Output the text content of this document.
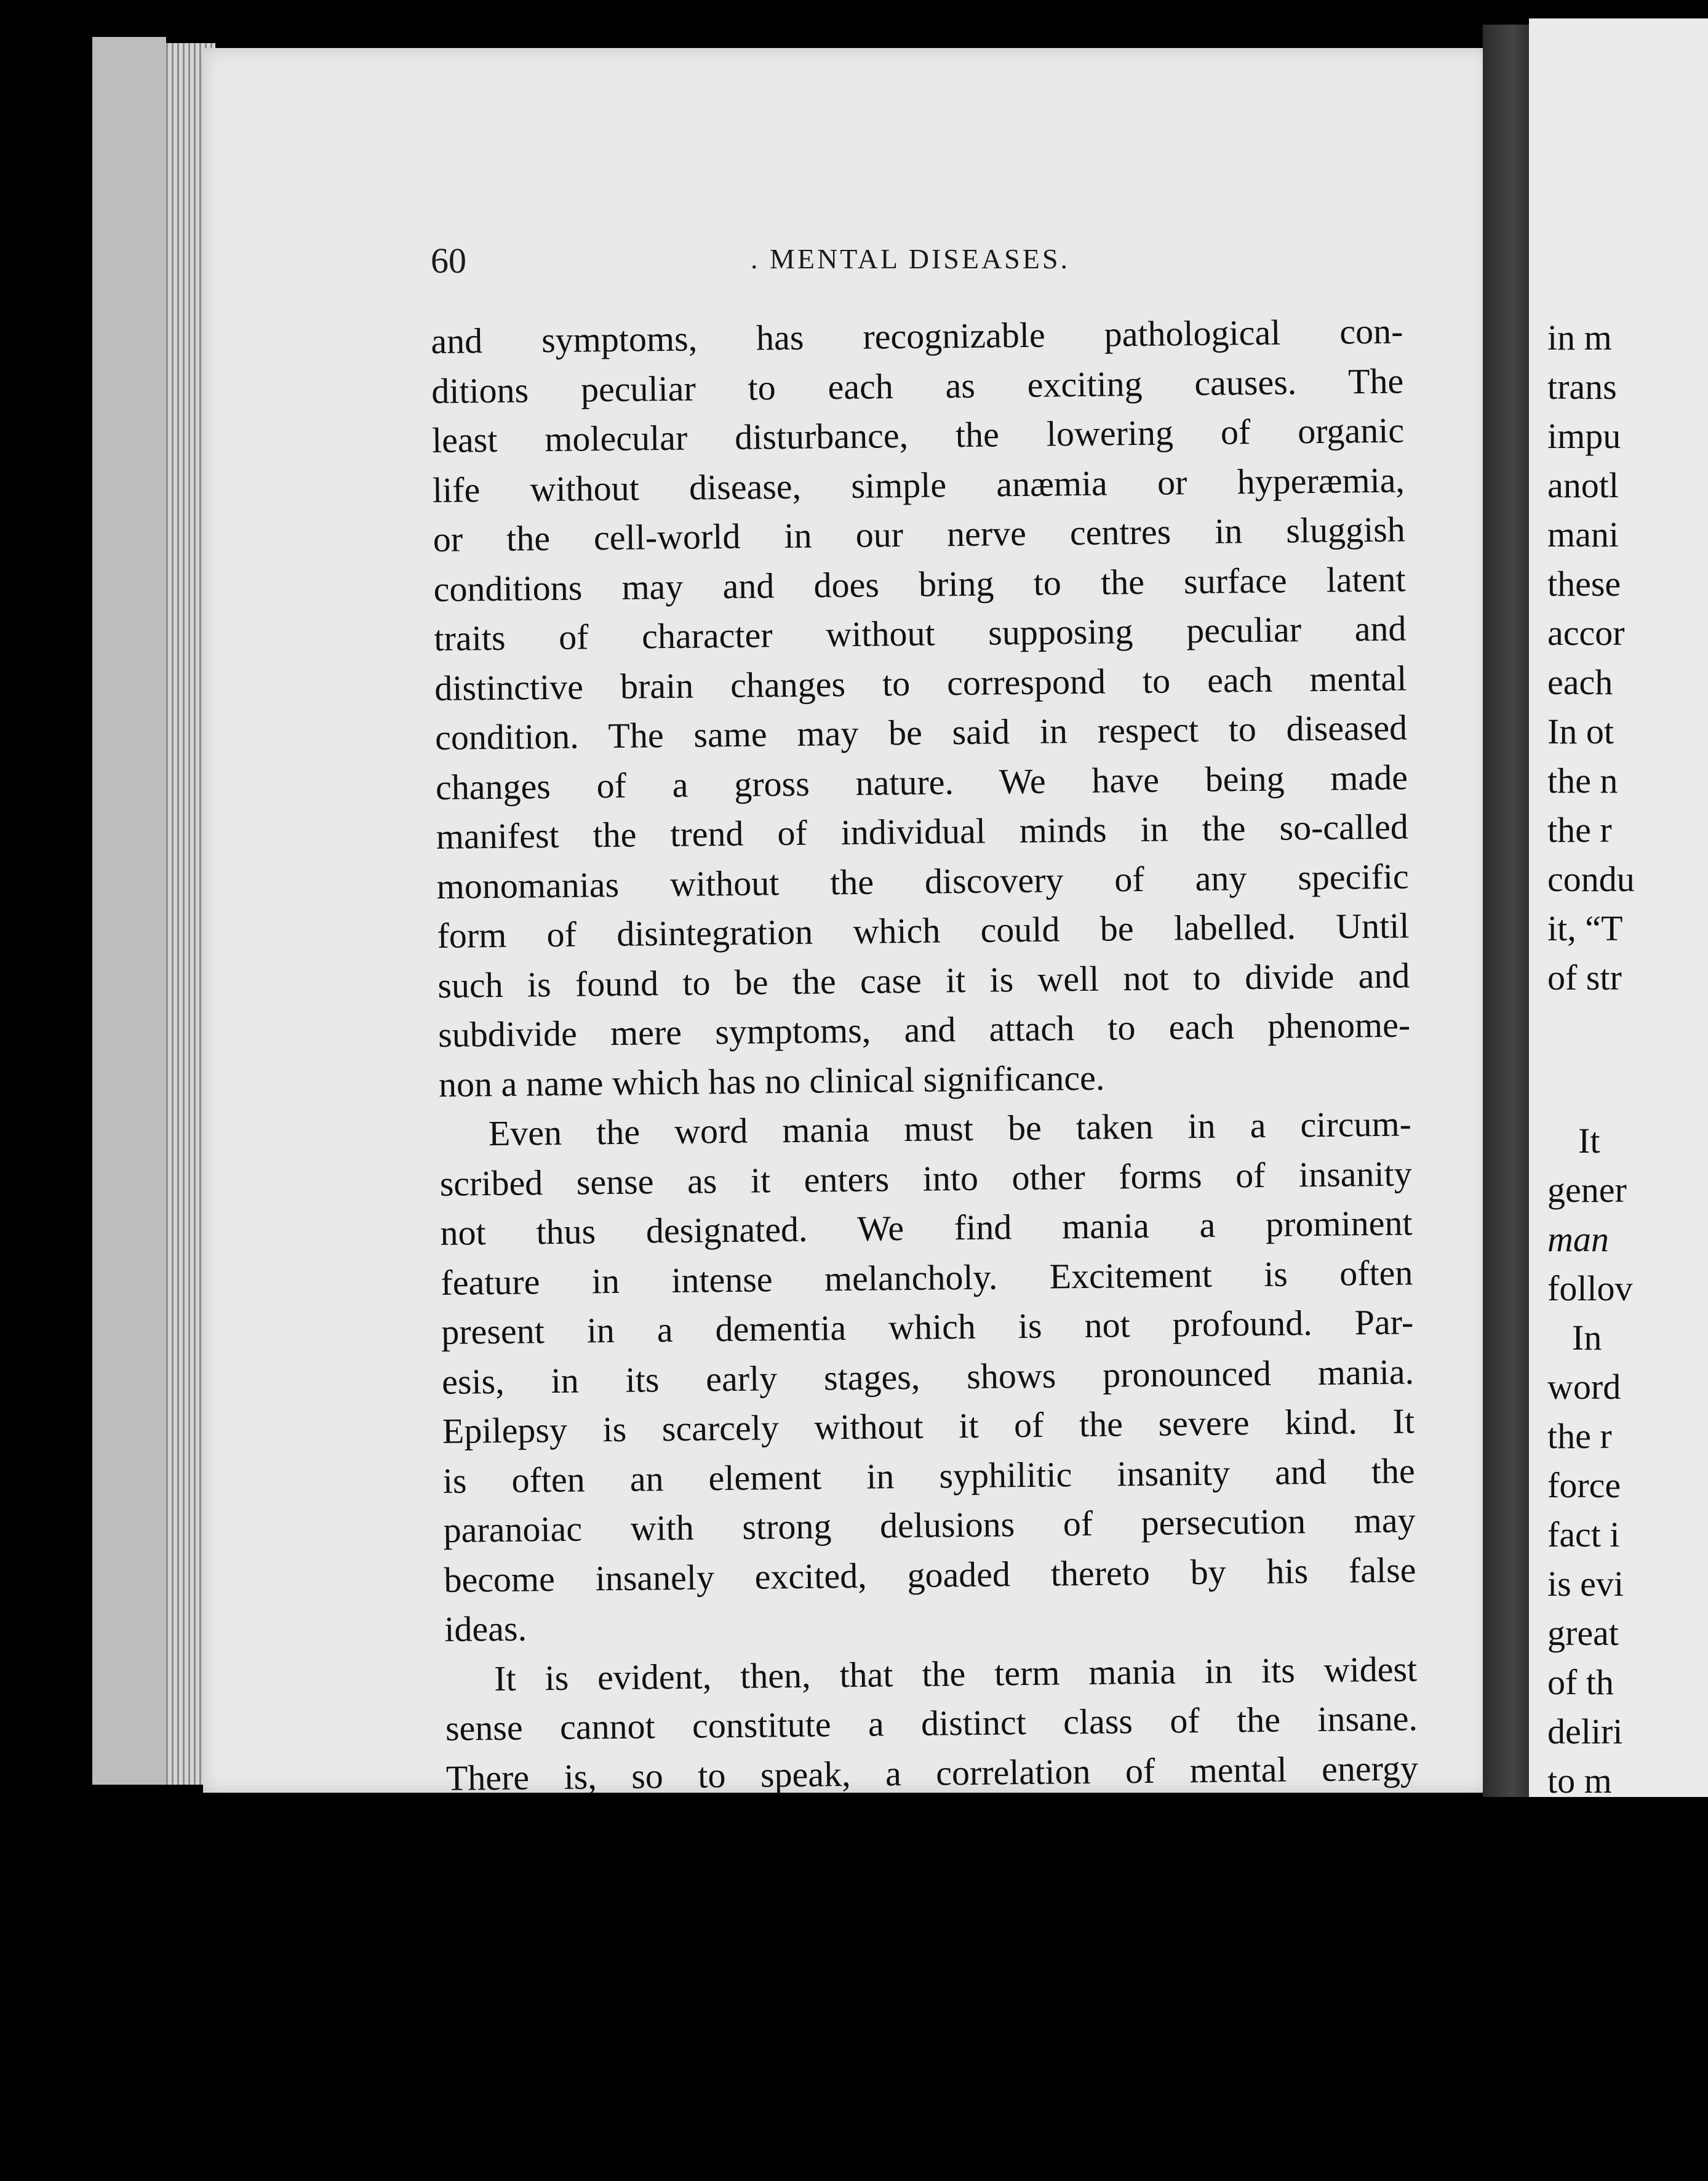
60	. MENTAL DISEASES.
and symptoms, has recognizable pathological con-
ditions peculiar to each as exciting causes. The
least molecular disturbance, the lowering of organic
life without disease, simple anæmia or hyperæmia,
or the cell-world in our nerve centres in sluggish
conditions may and does bring to the surface latent
traits of character without supposing peculiar and
distinctive brain changes to correspond to each mental
condition. The same may be said in respect to diseased
changes of a gross nature. We have being made
manifest the trend of individual minds in the so-called
monomanias without the discovery of any specific
form of disintegration which could be labelled. Until
such is found to be the case it is well not to divide and
subdivide mere symptoms, and attach to each phenome-
non a name which has no clinical significance.
Even the word mania must be taken in a circum-
scribed sense as it enters into other forms of insanity
not thus designated. We find mania a prominent
feature in intense melancholy. Excitement is often
present in a dementia which is not profound. Par-
esis, in its early stages, shows pronounced mania.
Epilepsy is scarcely without it of the severe kind. It
is often an element in syphilitic insanity and the
paranoiac with strong delusions of persecution may
become insanely excited, goaded thereto by his false
ideas.
It is evident, then, that the term mania in its widest
sense cannot constitute a distinct class of the insane.
There is, so to speak, a correlation of mental energy
in m
trans
impu
anotl
mani
these
accor
each
In ot
the n
the r
condu
it, “T
of str
It
gener
man
follov
In
word
the r
force
fact i
is evi
great
of th
deliri
to m
